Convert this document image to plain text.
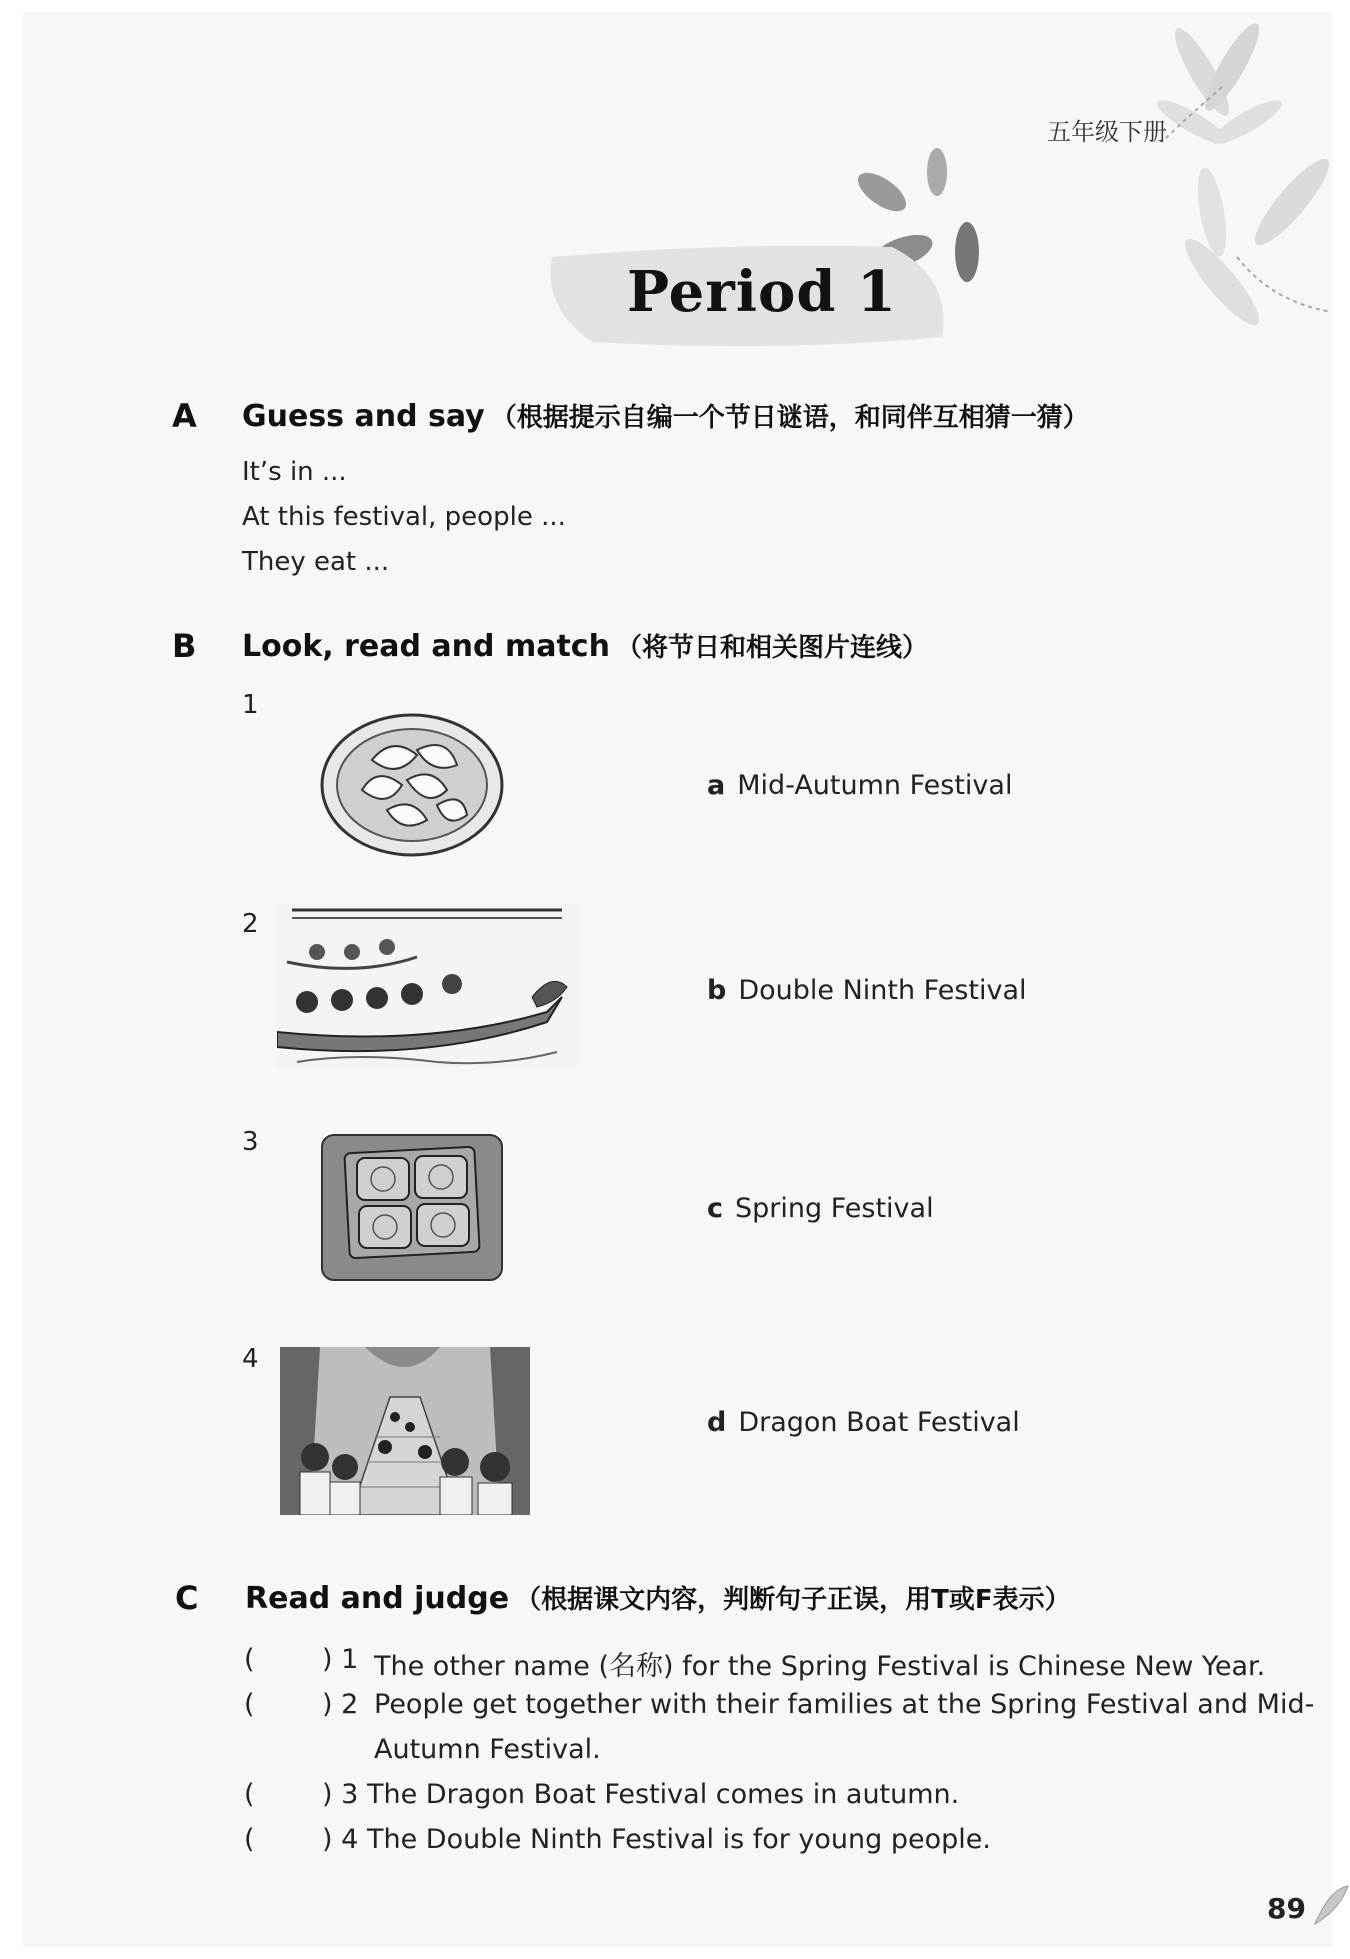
五年级下册
Period 1
A Guess and say （根据提示自编一个节日谜语，和同伴互相猜一猜）
It’s in ...
At this festival, people ...
They eat ...
B Look, read and match （将节日和相关图片连线）
1
a Mid-Autumn Festival
2
b Double Ninth Festival
3
c Spring Festival
4
d Dragon Boat Festival
C Read and judge （根据课文内容，判断句子正误，用T或F表示）
( ) 1 The other name (名称) for the Spring Festival is Chinese New Year.
( ) 2 People get together with their families at the Spring Festival and Mid-
Autumn Festival.
( ) 3 The Dragon Boat Festival comes in autumn.
( ) 4 The Double Ninth Festival is for young people.
89
